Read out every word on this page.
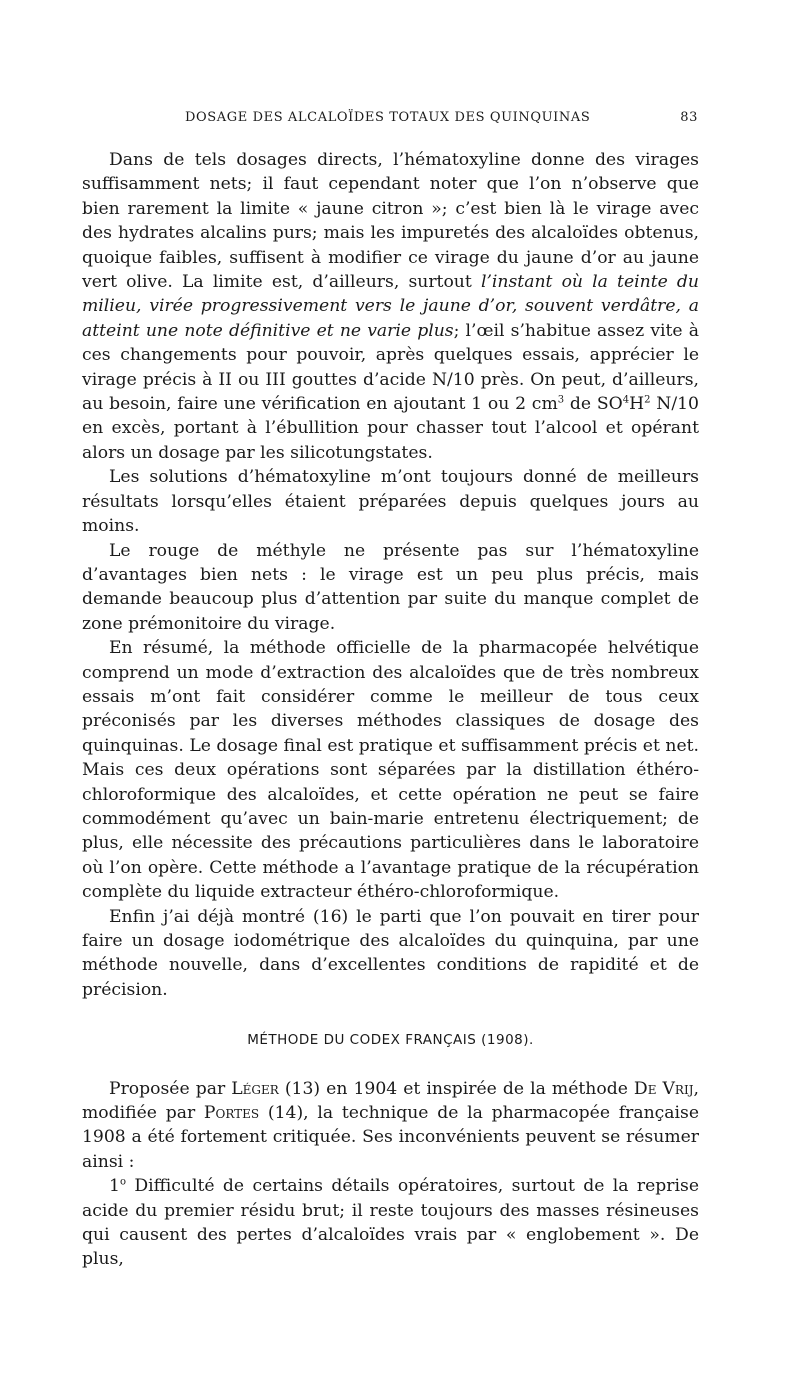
DOSAGE DES ALCALOÏDES TOTAUX DES QUINQUINAS	83

Dans de tels dosages directs, l’hématoxyline donne des virages suffisamment nets; il faut cependant noter que l’on n’observe que bien rarement la limite « jaune citron »; c’est bien là le virage avec des hydrates alcalins purs; mais les impuretés des alcaloïdes obtenus, quoique faibles, suffisent à modifier ce virage du jaune d’or au jaune vert olive. La limite est, d’ailleurs, surtout l’instant où la teinte du milieu, virée progressivement vers le jaune d’or, souvent verdâtre, a atteint une note définitive et ne varie plus; l’œil s’habitue assez vite à ces changements pour pouvoir, après quelques essais, apprécier le virage précis à II ou III gouttes d’acide N/10 près. On peut, d’ailleurs, au besoin, faire une vérification en ajoutant 1 ou 2 $cm^3$ de $SO^4H^2$ N/10 en excès, portant à l’ébullition pour chasser tout l’alcool et opérant alors un dosage par les silicotungstates.

Les solutions d’hématoxyline m’ont toujours donné de meilleurs résultats lorsqu’elles étaient préparées depuis quelques jours au moins.

Le rouge de méthyle ne présente pas sur l’hématoxyline d’avantages bien nets : le virage est un peu plus précis, mais demande beaucoup plus d’attention par suite du manque complet de zone prémonitoire du virage.

En résumé, la méthode officielle de la pharmacopée helvétique comprend un mode d’extraction des alcaloïdes que de très nombreux essais m’ont fait considérer comme le meilleur de tous ceux préconisés par les diverses méthodes classiques de dosage des quinquinas. Le dosage final est pratique et suffisamment précis et net. Mais ces deux opérations sont séparées par la distillation éthéro-chloroformique des alcaloïdes, et cette opération ne peut se faire commodément qu’avec un bain-marie entretenu électriquement; de plus, elle nécessite des précautions particulières dans le laboratoire où l’on opère. Cette méthode a l’avantage pratique de la récupération complète du liquide extracteur éthéro-chloroformique.

Enfin j’ai déjà montré (16) le parti que l’on pouvait en tirer pour faire un dosage iodométrique des alcaloïdes du quinquina, par une méthode nouvelle, dans d’excellentes conditions de rapidité et de précision.

MÉTHODE DU CODEX FRANÇAIS (1908).

Proposée par Léger (13) en 1904 et inspirée de la méthode De Vrij, modifiée par Portes (14), la technique de la pharmacopée française 1908 a été fortement critiquée. Ses inconvénients peuvent se résumer ainsi :

1$^o$ Difficulté de certains détails opératoires, surtout de la reprise acide du premier résidu brut; il reste toujours des masses résineuses qui causent des pertes d’alcaloïdes vrais par « englobement ». De plus,
